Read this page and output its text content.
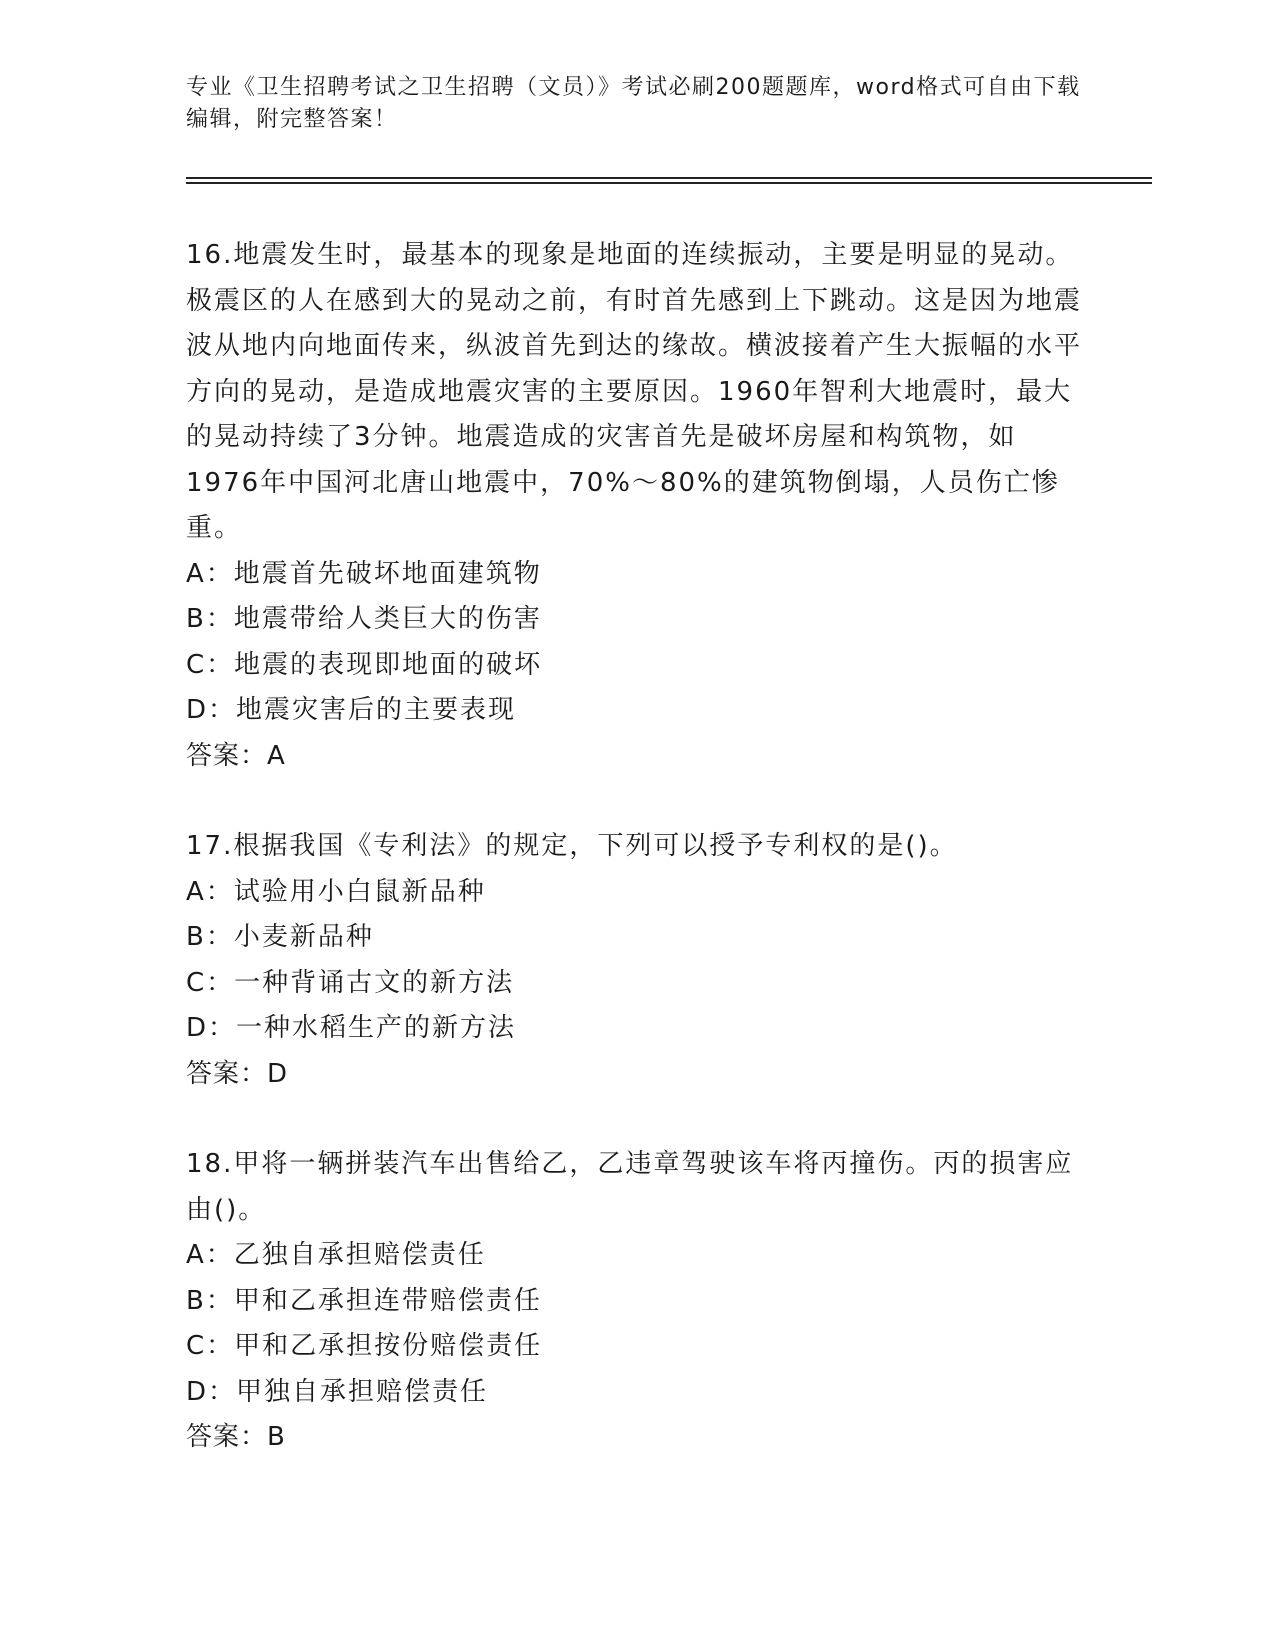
专业《卫生招聘考试之卫生招聘（文员）》考试必刷200题题库，word格式可自由下载编辑，附完整答案！
16.地震发生时，最基本的现象是地面的连续振动，主要是明显的晃动。极震区的人在感到大的晃动之前，有时首先感到上下跳动。这是因为地震波从地内向地面传来，纵波首先到达的缘故。横波接着产生大振幅的水平方向的晃动，是造成地震灾害的主要原因。1960年智利大地震时，最大的晃动持续了3分钟。地震造成的灾害首先是破坏房屋和构筑物，如1976年中国河北唐山地震中，70%～80%的建筑物倒塌，人员伤亡惨重。
A：地震首先破坏地面建筑物
B：地震带给人类巨大的伤害
C：地震的表现即地面的破坏
D：地震灾害后的主要表现
答案：A
17.根据我国《专利法》的规定，下列可以授予专利权的是()。
A：试验用小白鼠新品种
B：小麦新品种
C：一种背诵古文的新方法
D：一种水稻生产的新方法
答案：D
18.甲将一辆拼装汽车出售给乙，乙违章驾驶该车将丙撞伤。丙的损害应由()。
A：乙独自承担赔偿责任
B：甲和乙承担连带赔偿责任
C：甲和乙承担按份赔偿责任
D：甲独自承担赔偿责任
答案：B
